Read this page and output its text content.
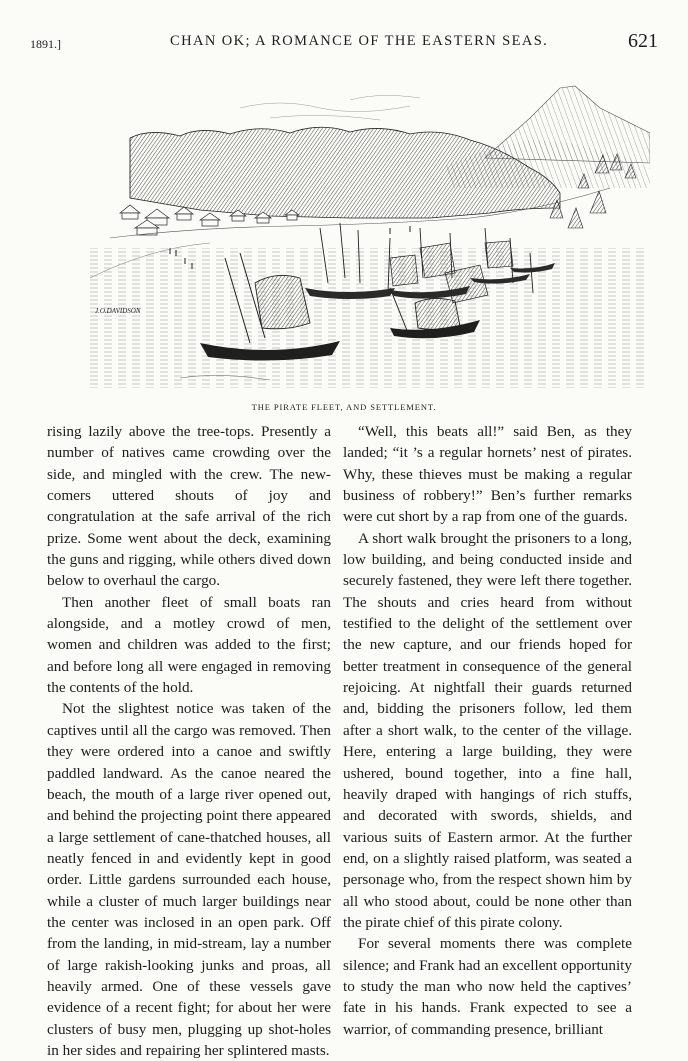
1891.]	CHAN OK; A ROMANCE OF THE EASTERN SEAS.	621
J.O.DAVIDSON
THE PIRATE FLEET, AND SETTLEMENT.

rising lazily above the tree-tops. Presently a number of natives came crowding over the side, and mingled with the crew. The new-comers uttered shouts of joy and congratulation at the safe arrival of the rich prize. Some went about the deck, examining the guns and rigging, while others dived down below to overhaul the cargo.

Then another fleet of small boats ran alongside, and a motley crowd of men, women and children was added to the first; and before long all were engaged in removing the contents of the hold.

Not the slightest notice was taken of the captives until all the cargo was removed. Then they were ordered into a canoe and swiftly paddled landward. As the canoe neared the beach, the mouth of a large river opened out, and behind the projecting point there appeared a large settlement of cane-thatched houses, all neatly fenced in and evidently kept in good order. Little gardens surrounded each house, while a cluster of much larger buildings near the center was inclosed in an open park. Off from the landing, in mid-stream, lay a number of large rakish-looking junks and proas, all heavily armed. One of these vessels gave evidence of a recent fight; for about her were clusters of busy men, plugging up shot-holes in her sides and repairing her splintered masts.

“Well, this beats all!” said Ben, as they landed; “it ’s a regular hornets’ nest of pirates. Why, these thieves must be making a regular business of robbery!” Ben’s further remarks were cut short by a rap from one of the guards.

A short walk brought the prisoners to a long, low building, and being conducted inside and securely fastened, they were left there together. The shouts and cries heard from without testified to the delight of the settlement over the new capture, and our friends hoped for better treatment in consequence of the general rejoicing. At nightfall their guards returned and, bidding the prisoners follow, led them after a short walk, to the center of the village. Here, entering a large building, they were ushered, bound together, into a fine hall, heavily draped with hangings of rich stuffs, and decorated with swords, shields, and various suits of Eastern armor. At the further end, on a slightly raised platform, was seated a personage who, from the respect shown him by all who stood about, could be none other than the pirate chief of this pirate colony.

For several moments there was complete silence; and Frank had an excellent opportunity to study the man who now held the captives’ fate in his hands. Frank expected to see a warrior, of commanding presence, brilliant
